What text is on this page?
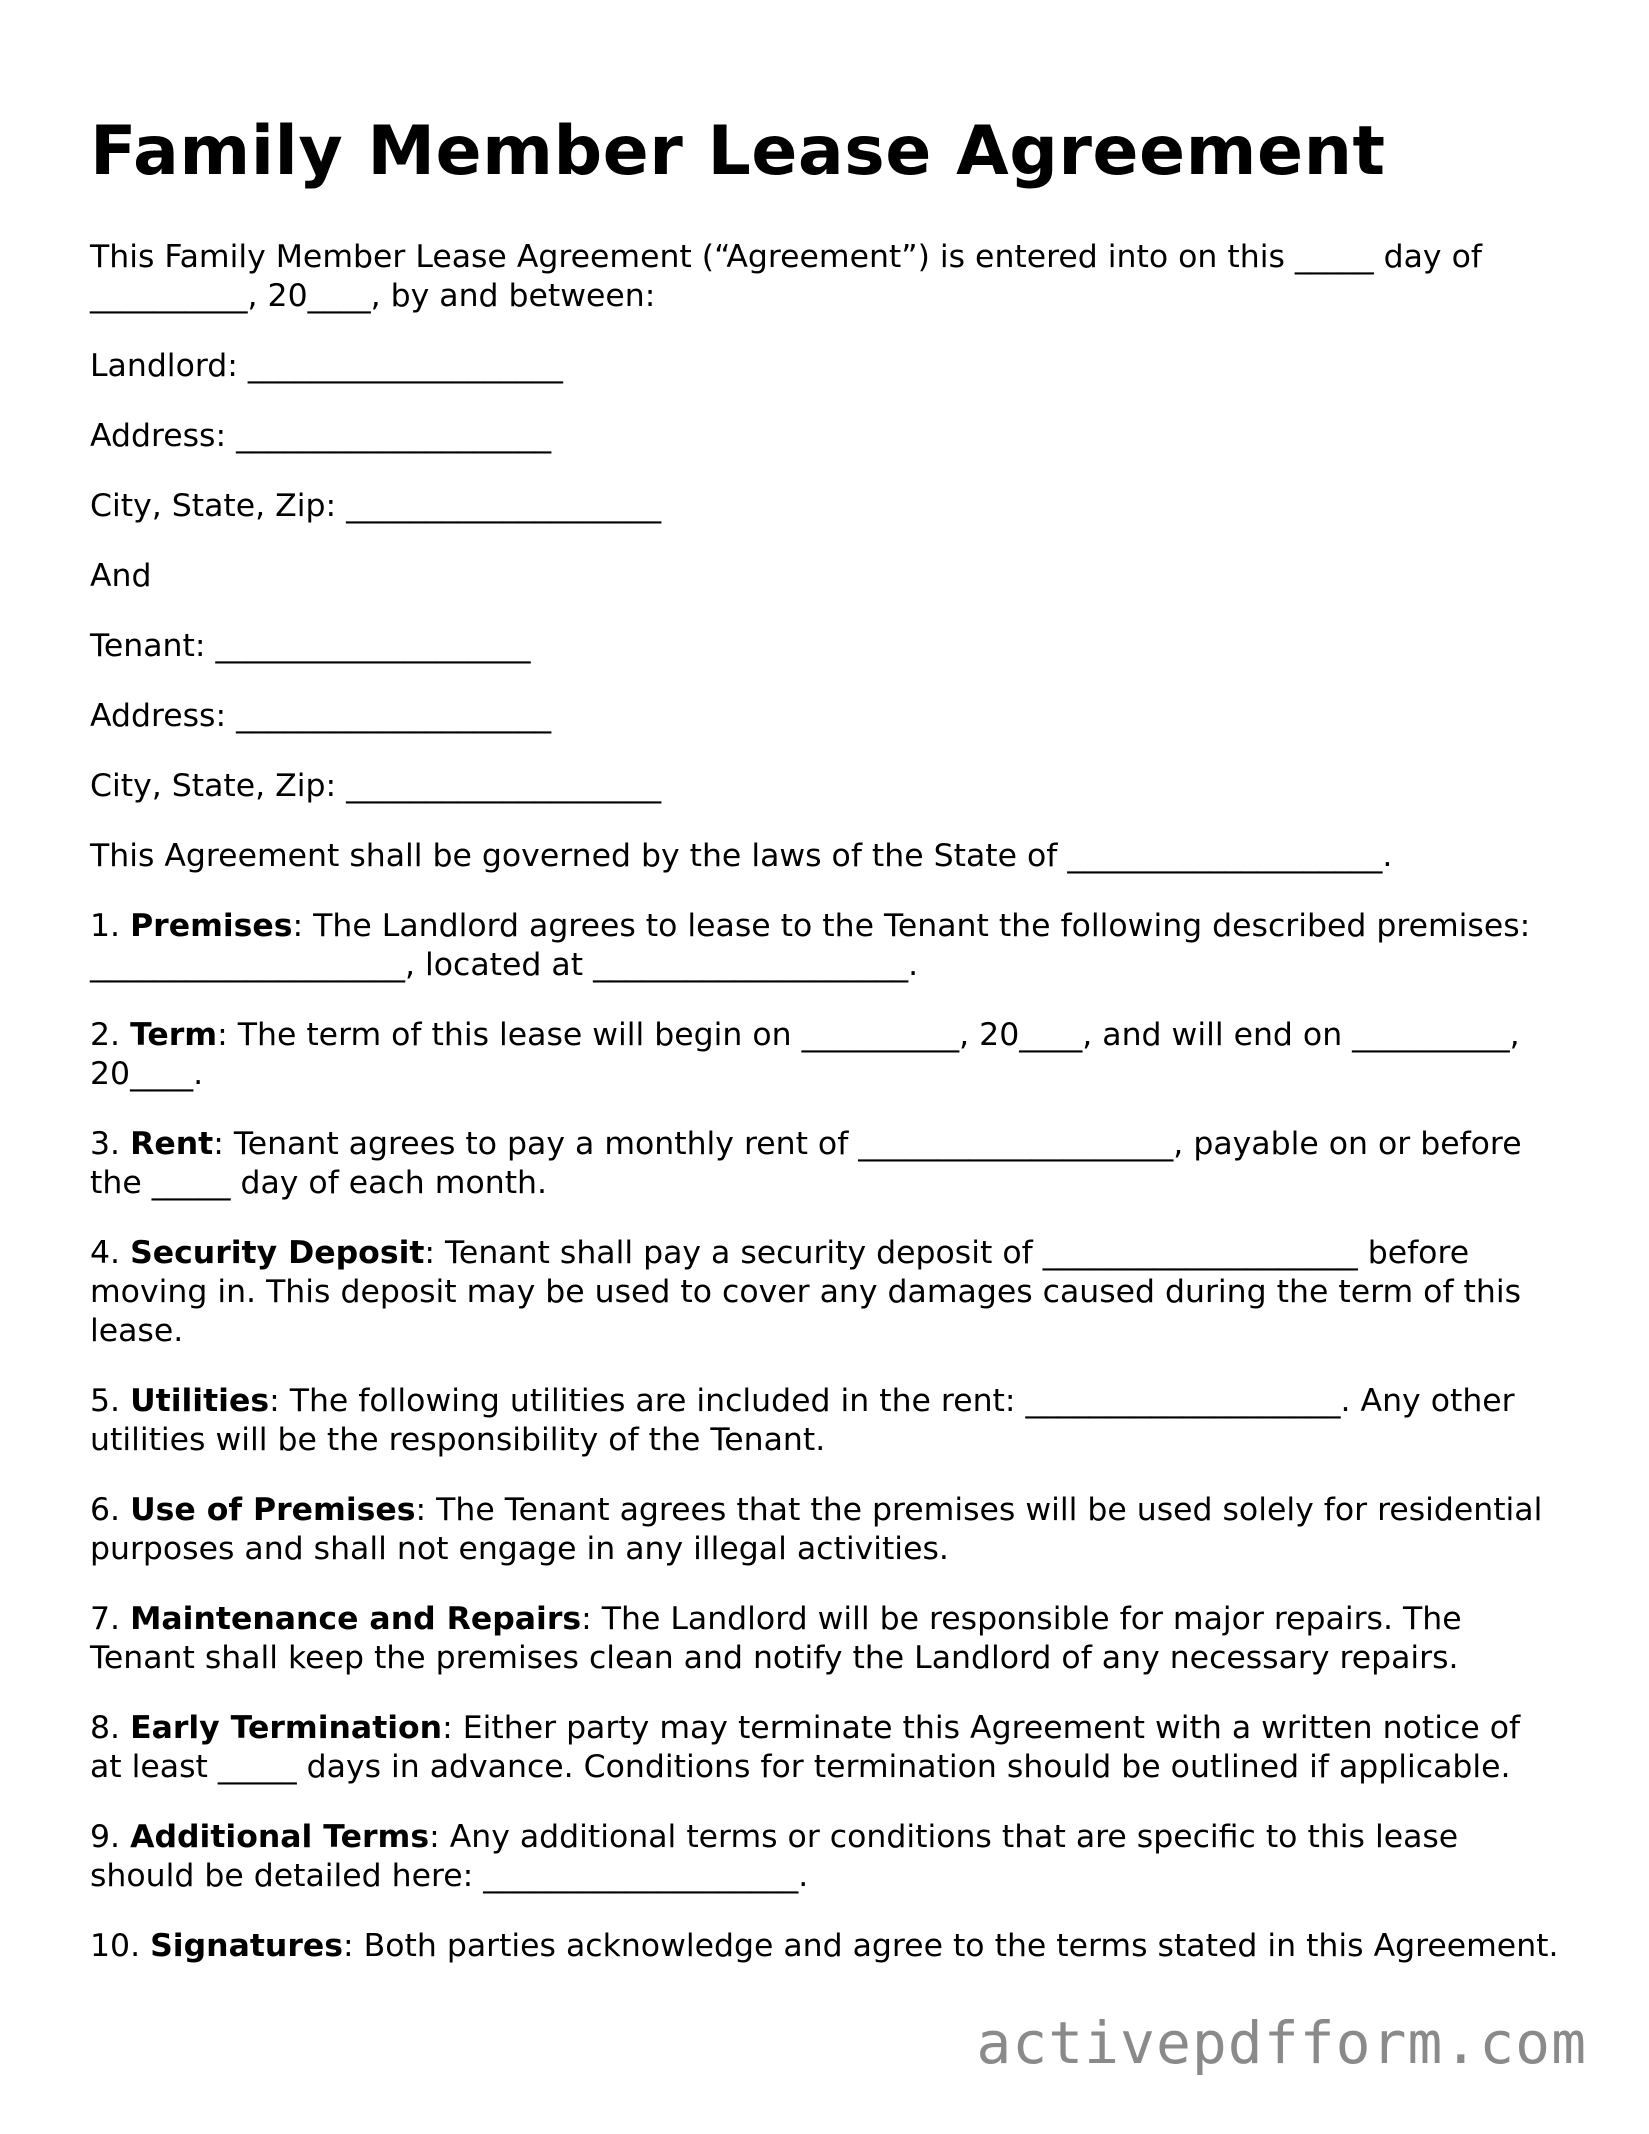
Family Member Lease Agreement

This Family Member Lease Agreement (“Agreement”) is entered into on this _____ day of __________, 20____, by and between:

Landlord: ____________________

Address: ____________________

City, State, Zip: ____________________

And

Tenant: ____________________

Address: ____________________

City, State, Zip: ____________________

This Agreement shall be governed by the laws of the State of ____________________.

1. Premises: The Landlord agrees to lease to the Tenant the following described premises: ____________________, located at ____________________.

2. Term: The term of this lease will begin on __________, 20____, and will end on __________, 20____.

3. Rent: Tenant agrees to pay a monthly rent of ____________________, payable on or before the _____ day of each month.

4. Security Deposit: Tenant shall pay a security deposit of ____________________ before moving in. This deposit may be used to cover any damages caused during the term of this lease.

5. Utilities: The following utilities are included in the rent: ____________________. Any other utilities will be the responsibility of the Tenant.

6. Use of Premises: The Tenant agrees that the premises will be used solely for residential purposes and shall not engage in any illegal activities.

7. Maintenance and Repairs: The Landlord will be responsible for major repairs. The Tenant shall keep the premises clean and notify the Landlord of any necessary repairs.

8. Early Termination: Either party may terminate this Agreement with a written notice of at least _____ days in advance. Conditions for termination should be outlined if applicable.

9. Additional Terms: Any additional terms or conditions that are specific to this lease should be detailed here: ____________________.

10. Signatures: Both parties acknowledge and agree to the terms stated in this Agreement.

activepdfform.com
